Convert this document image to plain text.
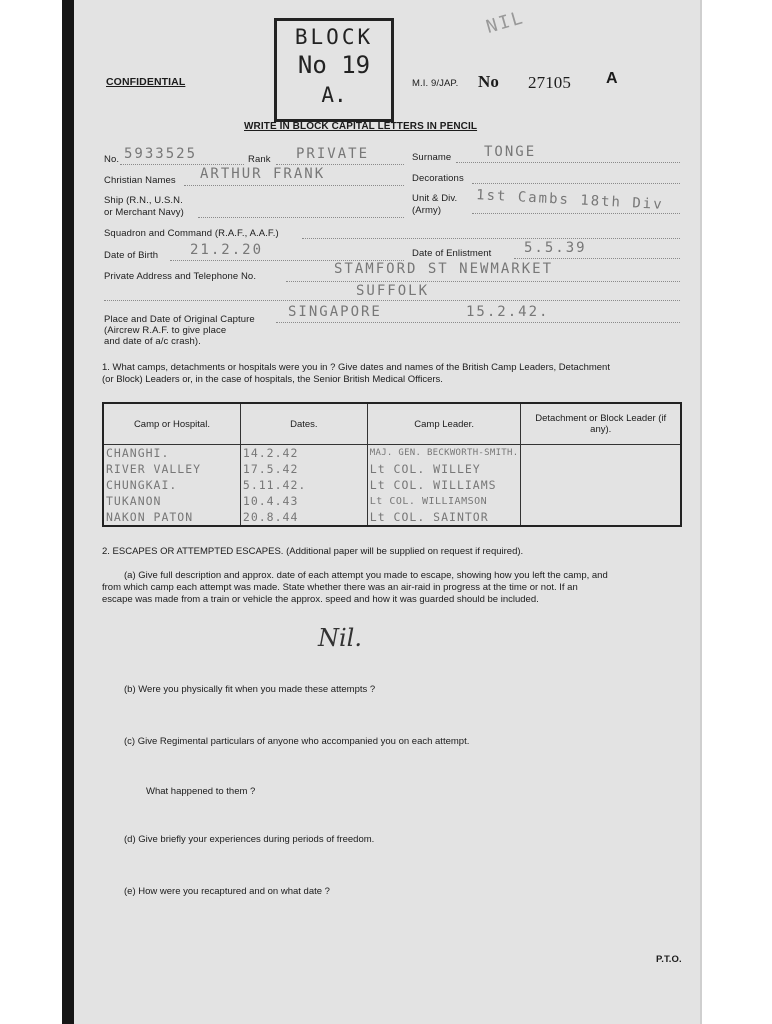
CONFIDENTIAL
BLOCK
No 19
A.
NIL
M.I. 9/JAP. No 27105 A
WRITE IN BLOCK CAPITAL LETTERS IN PENCIL
No. 5933525	Rank PRIVATE	Surname TONGE
Christian Names ARTHUR FRANK	Decorations
Ship (R.N., U.S.N.
or Merchant Navy)
Unit & Div.
(Army) 1st Cambs 18th Div
Squadron and Command (R.A.F., A.A.F.)
Date of Birth 21.2.20	Date of Enlistment 5.5.39
Private Address and Telephone No.	STAMFORD ST NEWMARKET
SUFFOLK
Place and Date of Original Capture
(Aircrew R.A.F. to give place
and date of a/c crash).
SINGAPORE	15.2.42.
1. What camps, detachments or hospitals were you in ? Give dates and names of the British Camp Leaders, Detachment
(or Block) Leaders or, in the case of hospitals, the Senior British Medical Officers.
Camp or Hospital.	Dates.	Camp Leader.	Detachment or Block Leader (if any).
CHANGHI.	14.2.42	MAJ. GEN. BECKWORTH-SMITH.	
RIVER VALLEY	17.5.42	Lt COL. WILLEY	
CHUNGKAI.	5.11.42.	Lt COL. WILLIAMS	
TUKANON	10.4.43	Lt COL. WILLIAMSON	
NAKON PATON	20.8.44	Lt COL. SAINTOR	
2. ESCAPES OR ATTEMPTED ESCAPES. (Additional paper will be supplied on request if required).
(a) Give full description and approx. date of each attempt you made to escape, showing how you left the camp, and
from which camp each attempt was made. State whether there was an air-raid in progress at the time or not. If an
escape was made from a train or vehicle the approx. speed and how it was guarded should be included.
Nil.
(b) Were you physically fit when you made these attempts ?
(c) Give Regimental particulars of anyone who accompanied you on each attempt.
What happened to them ?
(d) Give briefly your experiences during periods of freedom.
(e) How were you recaptured and on what date ?
P.T.O.
